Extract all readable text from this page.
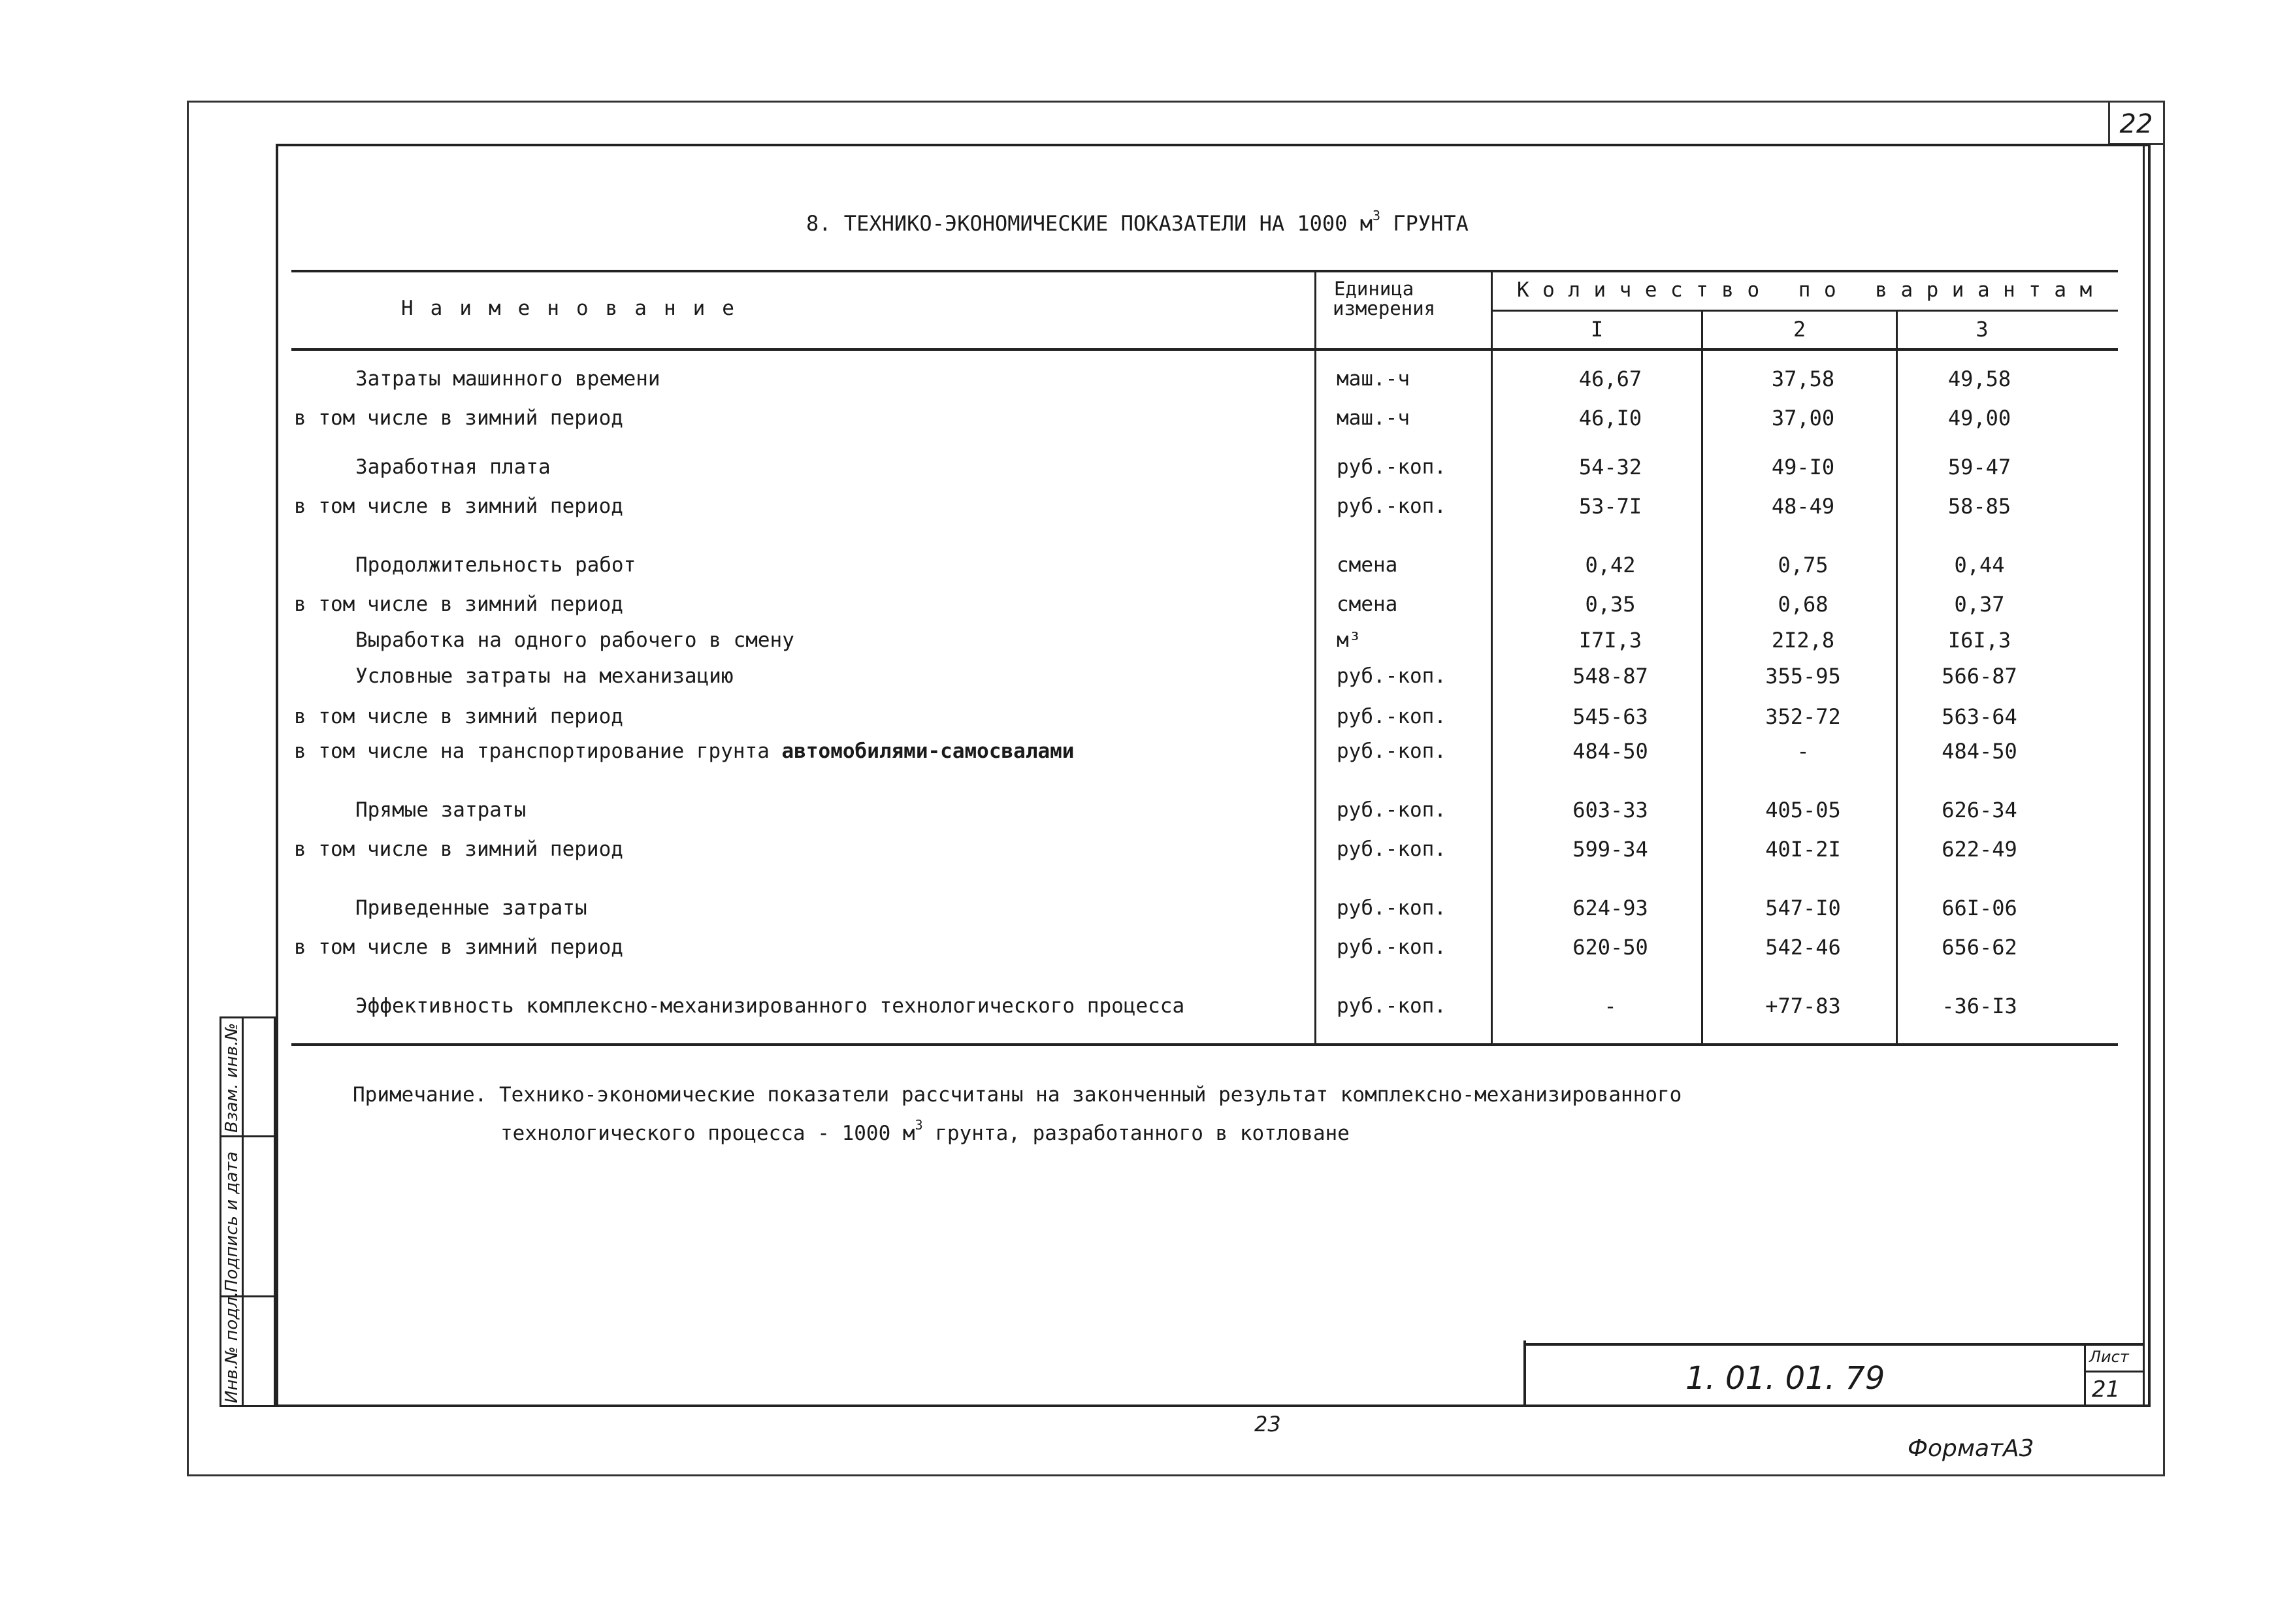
22
Инв.№ подл.
Подпись и дата
Взам. инв.№
8. ТЕХНИКО-ЭКОНОМИЧЕСКИЕ ПОКАЗАТЕЛИ НА 1000 $м^3$ ГРУНТА
Наименование
Единица
измерения
Количество по вариантам
I	2	3
Затраты машинного времени	маш.-ч	46,67	37,58	49,58
в том числе в зимний период	маш.-ч	46,I0	37,00	49,00
Заработная плата	руб.-коп.	54-32	49-I0	59-47
в том числе в зимний период	руб.-коп.	53-7I	48-49	58-85
Продолжительность работ	смена	0,42	0,75	0,44
в том числе в зимний период	смена	0,35	0,68	0,37
Выработка на одного рабочего в смену	м³	I7I,3	2I2,8	I6I,3
Условные затраты на механизацию	руб.-коп.	548-87	355-95	566-87
в том числе в зимний период	руб.-коп.	545-63	352-72	563-64
в том числе на транспортирование грунта автомобилями-самосвалами	руб.-коп.	484-50	-	484-50
Прямые затраты	руб.-коп.	603-33	405-05	626-34
в том числе в зимний период	руб.-коп.	599-34	40I-2I	622-49
Приведенные затраты	руб.-коп.	624-93	547-I0	66I-06
в том числе в зимний период	руб.-коп.	620-50	542-46	656-62
Эффективность комплексно-механизированного технологического процесса	руб.-коп.	-	+77-83	-36-I3
Примечание. Технико-экономические показатели рассчитаны на законченный результат комплексно-механизированного
технологического процесса - 1000 $м^3$ грунта, разработанного в котловане
1. 01. 01. 79
Лист
21
23
ФорматА3
